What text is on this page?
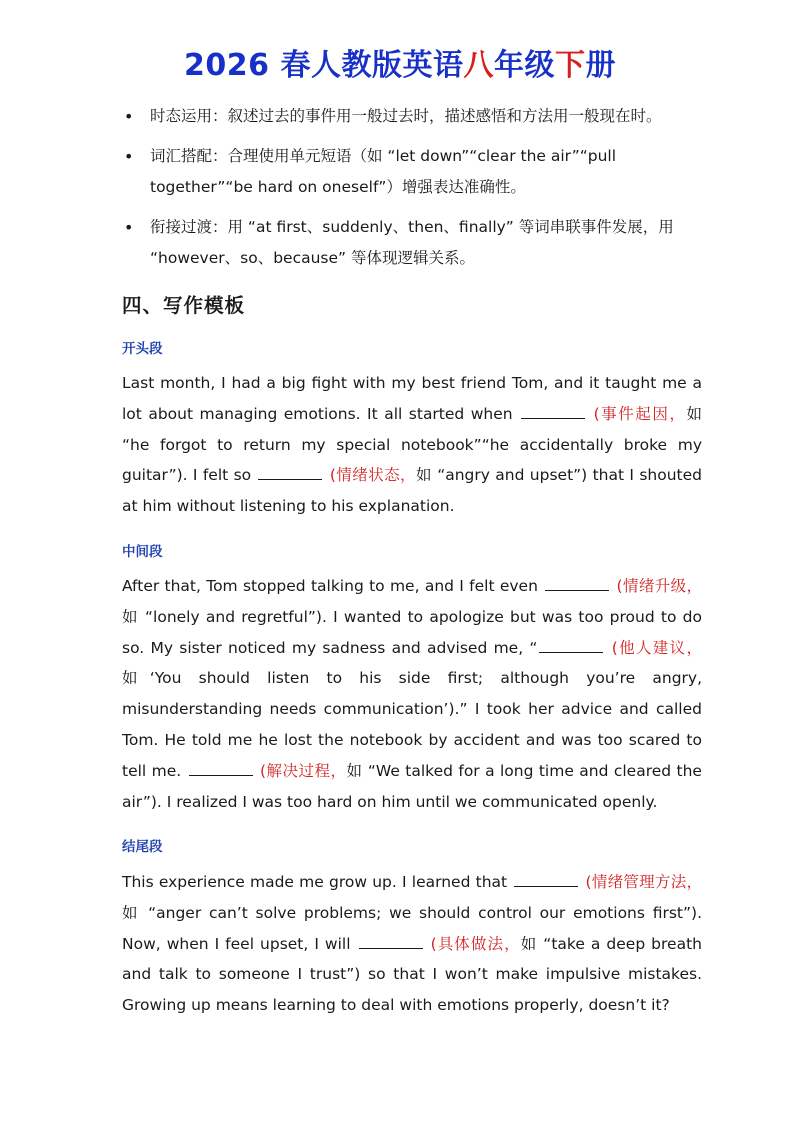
2026 春人教版英语八年级下册
• 时态运用：叙述过去的事件用一般过去时，描述感悟和方法用一般现在时。
• 词汇搭配：合理使用单元短语（如 “let down”“clear the air”“pull together”“be hard on oneself”）增强表达准确性。
• 衔接过渡：用 “at first、suddenly、then、finally” 等词串联事件发展，用 “however、so、because” 等体现逻辑关系。
四、写作模板
开头段
Last month, I had a big fight with my best friend Tom, and it taught me a lot about managing emotions. It all started when	(事件起因，如 “he forgot to return my special notebook”“he accidentally broke my guitar”). I felt so	(情绪状态，如 “angry and upset”) that I shouted at him without listening to his explanation.
中间段
After that, Tom stopped talking to me, and I felt even	(情绪升级，如 “lonely and regretful”). I wanted to apologize but was too proud to do so. My sister noticed my sadness and advised me, “	(他人建议，如‘You should listen to his side first; although you’re angry, misunderstanding needs communication’).” I took her advice and called Tom. He told me he lost the notebook by accident and was too scared to tell me.	(解决过程，如 “We talked for a long time and cleared the air”). I realized I was too hard on him until we communicated openly.
结尾段
This experience made me grow up. I learned that	(情绪管理方法，如 “anger can’t solve problems; we should control our emotions first”). Now, when I feel upset, I will	(具体做法，如 “take a deep breath and talk to someone I trust”) so that I won’t make impulsive mistakes. Growing up means learning to deal with emotions properly, doesn’t it?
